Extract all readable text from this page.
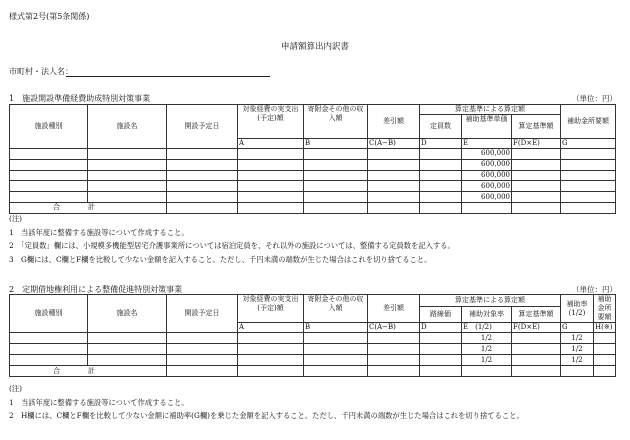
様式第2号(第5条関係)
申請額算出内訳書
市町村・法人名：
1　施設開設準備経費助成特別対策事業	（単位：円）
施設種別	施設名	開設予定日	対象経費の実支出(予定)額	寄附金その他の収入額	差引額	算定基準による算定額			補助金所要額
						定員数	補助基準単価	算定基準額	
			A	B	C(A−B)	D	E	F(D×E)	G
							600,000		
							600,000		
							600,000		
							600,000		
							600,000		
合計									
(注)
1　当該年度に整備する施設等について作成すること。
2　「定員数」欄には、小規模多機能型居宅介護事業所については宿泊定員を、それ以外の施設については、整備する定員数を記入する。
3　G欄には、C欄とF欄を比較して少ない金額を記入すること。ただし、千円未満の端数が生じた場合はこれを切り捨てること。
2　定期借地権利用による整備促進特別対策事業	（単位：円）
施設種別	施設名	開設予定日	対象経費の実支出(予定)額	寄附金その他の収入額	差引額	算定基準による算定額			補助率(1/2)	補助金所要額
						路線価	補助対象率	算定基準額		
			A	B	C(A−B)	D	E　(1/2)	F(D×E)	G	H(※)
							1/2		1/2	
							1/2		1/2	
							1/2		1/2	
合計										
(注)
1　当該年度に整備する施設等について作成すること。
2　H欄には、C欄とF欄を比較して少ない金額に補助率(G欄)を乗じた金額を記入すること。ただし、千円未満の端数が生じた場合はこれを切り捨てること。
